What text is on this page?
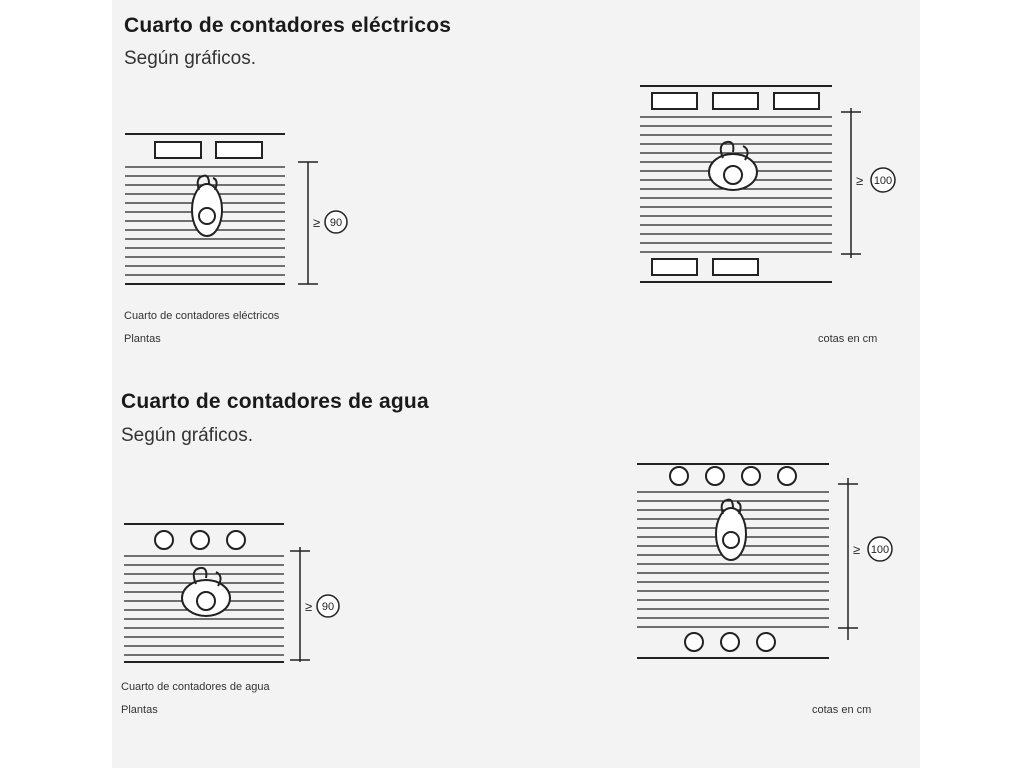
Cuarto de contadores eléctricos
Según gráficos.
Cuarto de contadores de agua
Según gráficos.
≥ 90
≥ 100
≥ 90
≥ 100
Cuarto de contadores eléctricos
Plantas	cotas en cm
Cuarto de contadores de agua
Plantas	cotas en cm
